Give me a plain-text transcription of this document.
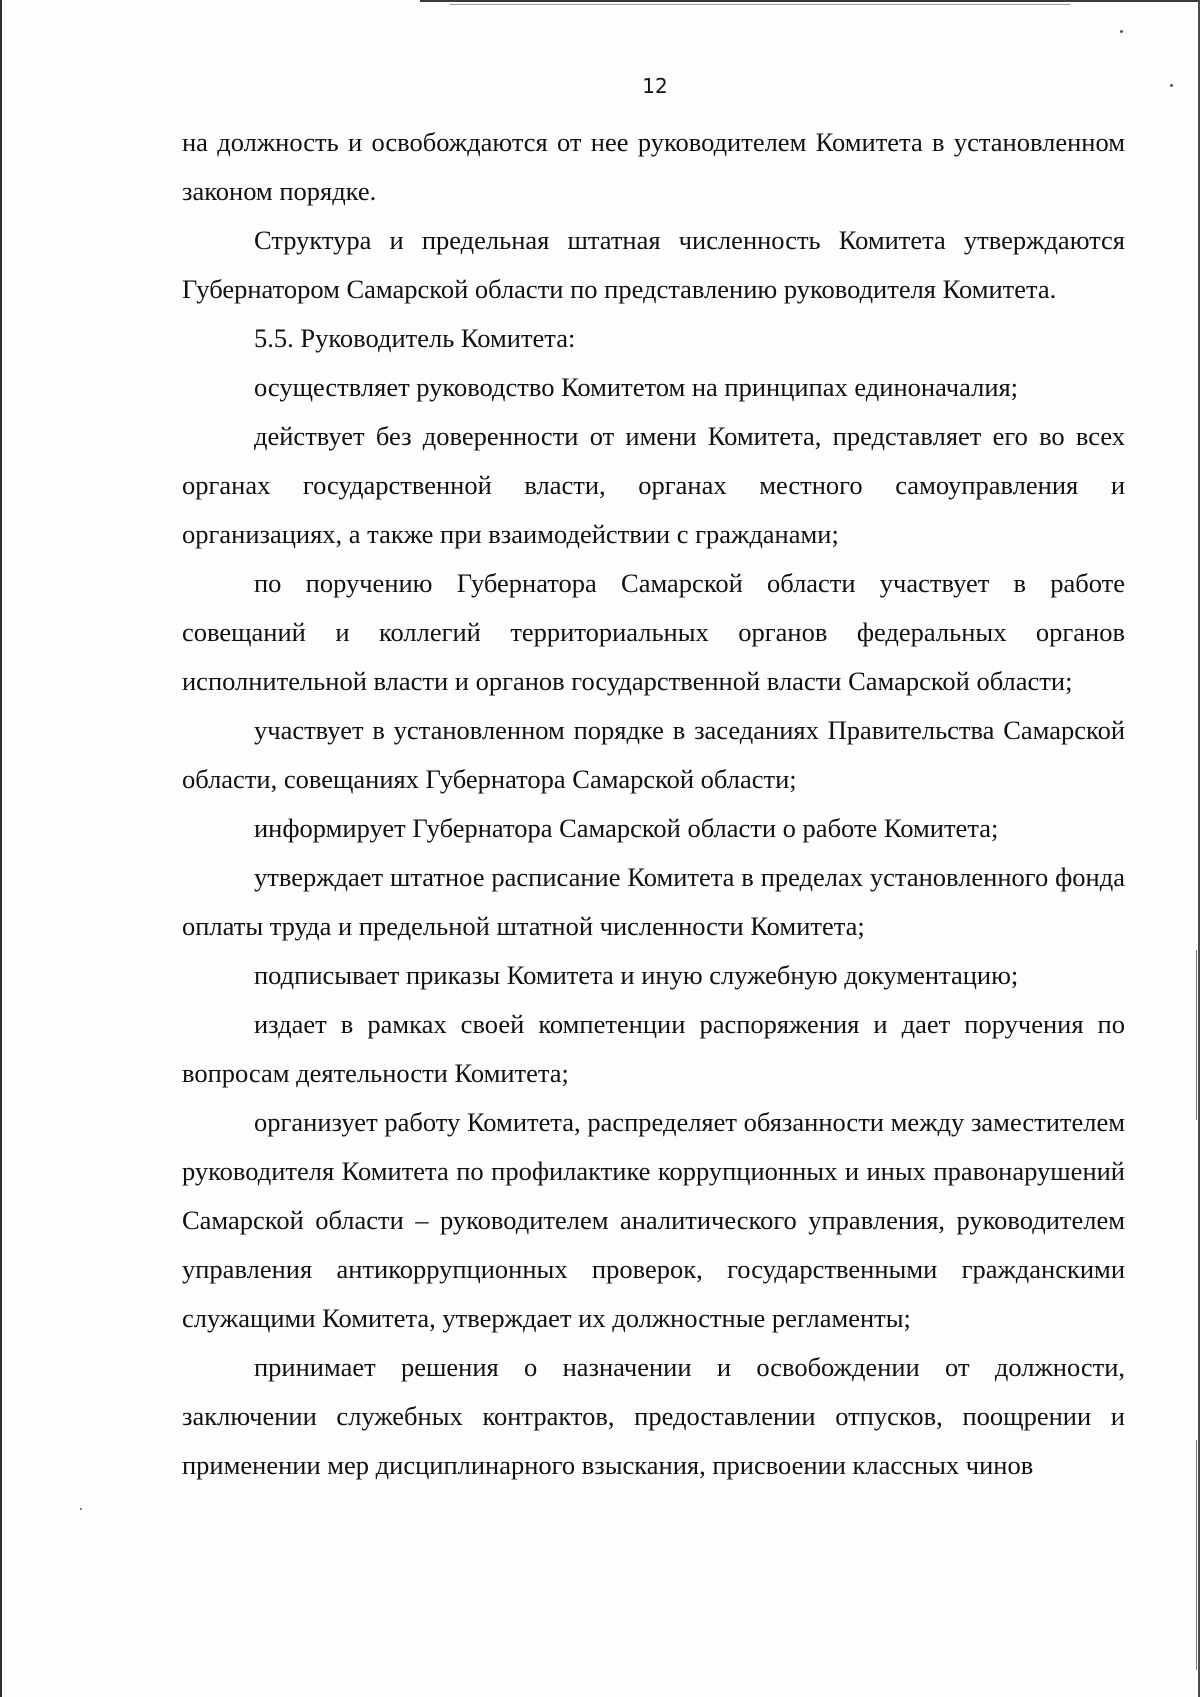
12

на должность и освобождаются от нее руководителем Комитета в установленном законом порядке.

Структура и предельная штатная численность Комитета утверждаются Губернатором Самарской области по представлению руководителя Комитета.

5.5. Руководитель Комитета:

осуществляет руководство Комитетом на принципах единоначалия;

действует без доверенности от имени Комитета, представляет его во всех органах государственной власти, органах местного самоуправления и организациях, а также при взаимодействии с гражданами;

по поручению Губернатора Самарской области участвует в работе совещаний и коллегий территориальных органов федеральных органов исполнительной власти и органов государственной власти Самарской области;

участвует в установленном порядке в заседаниях Правительства Самарской области, совещаниях Губернатора Самарской области;

информирует Губернатора Самарской области о работе Комитета;

утверждает штатное расписание Комитета в пределах установленного фонда оплаты труда и предельной штатной численности Комитета;

подписывает приказы Комитета и иную служебную документацию;

издает в рамках своей компетенции распоряжения и дает поручения по вопросам деятельности Комитета;

организует работу Комитета, распределяет обязанности между заместителем руководителя Комитета по профилактике коррупционных и иных правонарушений Самарской области – руководителем аналитического управления, руководителем управления антикоррупционных проверок, государственными гражданскими служащими Комитета, утверждает их должностные регламенты;

принимает решения о назначении и освобождении от должности, заключении служебных контрактов, предоставлении отпусков, поощрении и применении мер дисциплинарного взыскания, присвоении классных чинов
